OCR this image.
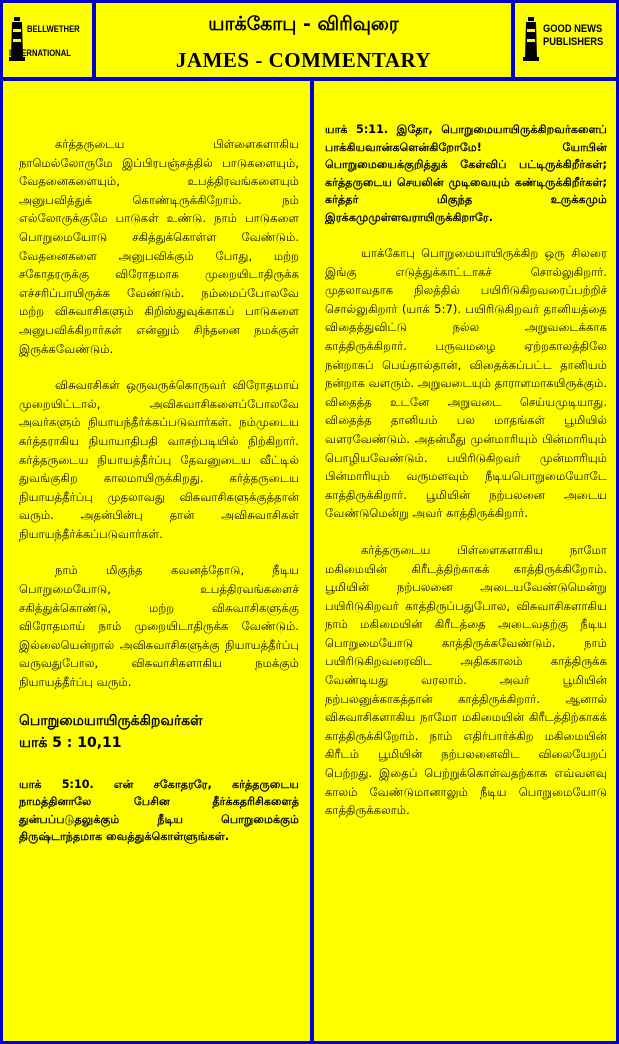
BELLWETHER
INTERNATIONAL
யாக்கோபு - விரிவுரை
JAMES - COMMENTARY
GOOD NEWS
PUBLISHERS

கர்த்தருடைய பிள்ளைகளாகிய நாமெல்லோருமே இப்பிரபஞ்சத்தில் பாடுகளையும், வேதனைகளையும், உபத்திரவங்களையும் அனுபவித்துக் கொண்டிருக்கிறோம். நம் எல்லோருக்குமே பாடுகள் உண்டு. நாம் பாடுகளை பொறுமையோடு சகித்துக்கொள்ள வேண்டும். வேதனைகளை அனுபவிக்கும் போது, மற்ற சகோதரருக்கு விரோதமாக முறையிடாதிருக்க எச்சரிப்பாயிருக்க வேண்டும். நம்மைப்போலவே மற்ற விசுவாசிகளும் கிறிஸ்துவுக்காகப் பாடுகளை அனுபவிக்கிறார்கள் என்னும் சிந்தனை நமக்குள் இருக்கவேண்டும்.

விசுவாசிகள் ஒருவருக்கொருவர் விரோதமாய் முறையிட்டால், அவிசுவாசிகளைப்போலவே அவர்களும் நியாயந்தீர்க்கப்படுவார்கள். நம்முடைய கர்த்தராகிய நியாயாதிபதி வாசற்படியில் நிற்கிறார். கர்த்தருடைய நியாயத்தீர்ப்பு தேவனுடைய வீட்டில் துவங்குகிற காலமாயிருக்கிறது. கர்த்தருடைய நியாயத்தீர்ப்பு முதலாவது விசுவாசிகளுக்குத்தான் வரும். அதன்பின்பு தான் அவிசுவாசிகள் நியாயந்தீர்க்கப்படுவார்கள்.

நாம் மிகுந்த கவனத்தோடு, நீடிய பொறுமையோடு, உபத்திரவங்களைச் சகித்துக்கொண்டு, மற்ற விசுவாசிகளுக்கு விரோதமாய் நாம் முறையிடாதிருக்க வேண்டும். இல்லையென்றால் அவிசுவாசிகளுக்கு நியாயத்தீர்ப்பு வருவதுபோல, விசுவாசிகளாகிய நமக்கும் நியாயத்தீர்ப்பு வரும்.

பொறுமையாயிருக்கிறவர்கள்
யாக் 5 : 10,11

யாக் 5:10. என் சகோதரரே, கர்த்தருடைய நாமத்தினாலே பேசின தீர்க்கதரிசிகளைத் துன்பப்படுதலுக்கும் நீடிய பொறுமைக்கும் திருஷ்டாந்தமாக வைத்துக்கொள்ளுங்கள்.

யாக் 5:11. இதோ, பொறுமையாயிருக்கிறவர்களைப் பாக்கியவான்களென்கிறோமே! யோபின் பொறுமையைக்குறித்துக் கேள்விப் பட்டிருக்கிறீர்கள்; கர்த்தருடைய செயலின் முடிவையும் கண்டிருக்கிறீர்கள்; கர்த்தர் மிகுந்த உருக்கமும் இரக்கமுமுள்ளவராயிருக்கிறாரே.

யாக்கோபு பொறுமையாயிருக்கிற ஒரு சிலரை இங்கு எடுத்துக்காட்டாகச் சொல்லுகிறார். முதலாவதாக நிலத்தில் பயிரிடுகிறவரைப்பற்றிச் சொல்லுகிறார் (யாக் 5:7). பயிரிடுகிறவர் தானியத்தை விதைத்துவிட்டு நல்ல அறுவடைக்காக காத்திருக்கிறார். பருவமழை ஏற்றகாலத்திலே நன்றாகப் பெய்தால்தான், விதைக்கப்பட்ட தானியம் நன்றாக வளரும். அறுவடையும் தாராளமாகயிருக்கும். விதைத்த உடனே அறுவடை செய்யமுடியாது. விதைத்த தானியம் பல மாதங்கள் பூமியில் வளரவேண்டும். அதன்மீது முன்மாரியும் பின்மாரியும் பொழியவேண்டும். பயிரிடுகிறவர் முன்மாரியும் பின்மாரியும் வருமளவும் நீடியபொறுமையோடே காத்திருக்கிறார். பூமியின் நற்பலனை அடைய வேண்டுமென்று அவர் காத்திருக்கிறார்.

கர்த்தருடைய பிள்ளைகளாகிய நாமோ மகிமையின் கிரீடத்திற்காகக் காத்திருக்கிறோம். பூமியின் நற்பலனை அடையவேண்டுமென்று பயிரிடுகிறவர் காத்திருப்பதுபோல, விசுவாசிகளாகிய நாம் மகிமையின் கிரீடத்தை அடைவதற்கு நீடிய பொறுமையோடு காத்திருக்கவேண்டும். நாம் பயிரிடுகிறவரைவிட அதிககாலம் காத்திருக்க வேண்டியது வரலாம். அவர் பூமியின் நற்பலனுக்காகத்தான் காத்திருக்கிறார். ஆனால் விசுவாசிகளாகிய நாமோ மகிமையின் கிரீடத்திற்காகக் காத்திருக்கிறோம். நாம் எதிர்பார்க்கிற மகிமையின் கிரீடம் பூமியின் நற்பலனைவிட விலையேறப் பெற்றது. இதைப் பெற்றுக்கொள்வதற்காக எவ்வளவு காலம் வேண்டுமானாலும் நீடிய பொறுமையோடு காத்திருக்கலாம்.
